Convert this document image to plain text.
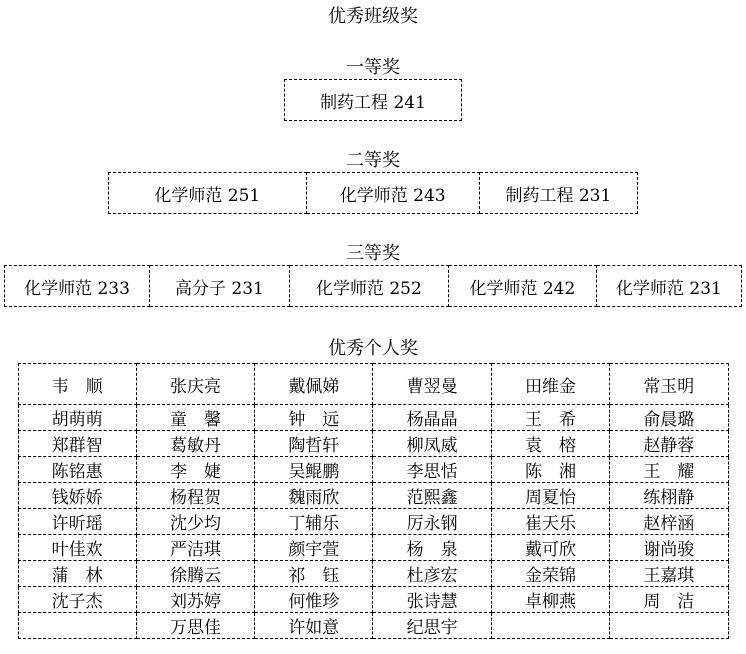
优秀班级奖
一等奖
制药工程 241
二等奖
化学师范 251	化学师范 243	制药工程 231
三等奖
化学师范 233	高分子 231	化学师范 252	化学师范 242	化学师范 231
优秀个人奖
韦　顺	张庆亮	戴佩娣	曹翌曼	田维金	常玉明
胡萌萌	童　馨	钟　远	杨晶晶	王　希	俞晨璐
郑群智	葛敏丹	陶哲轩	柳凤威	袁　榕	赵静蓉
陈铭惠	李　婕	吴鲲鹏	李思恬	陈　湘	王　耀
钱娇娇	杨程贺	魏雨欣	范熙鑫	周夏怡	练栩静
许昕瑶	沈少均	丁辅乐	厉永钢	崔天乐	赵梓涵
叶佳欢	严洁琪	颜宇萱	杨　泉	戴可欣	谢尚骏
蒲　林	徐腾云	祁　钰	杜彦宏	金荣锦	王嘉琪
沈子杰	刘苏婷	何惟珍	张诗慧	卓柳燕	周　洁
	万思佳	许如意	纪思宇		
